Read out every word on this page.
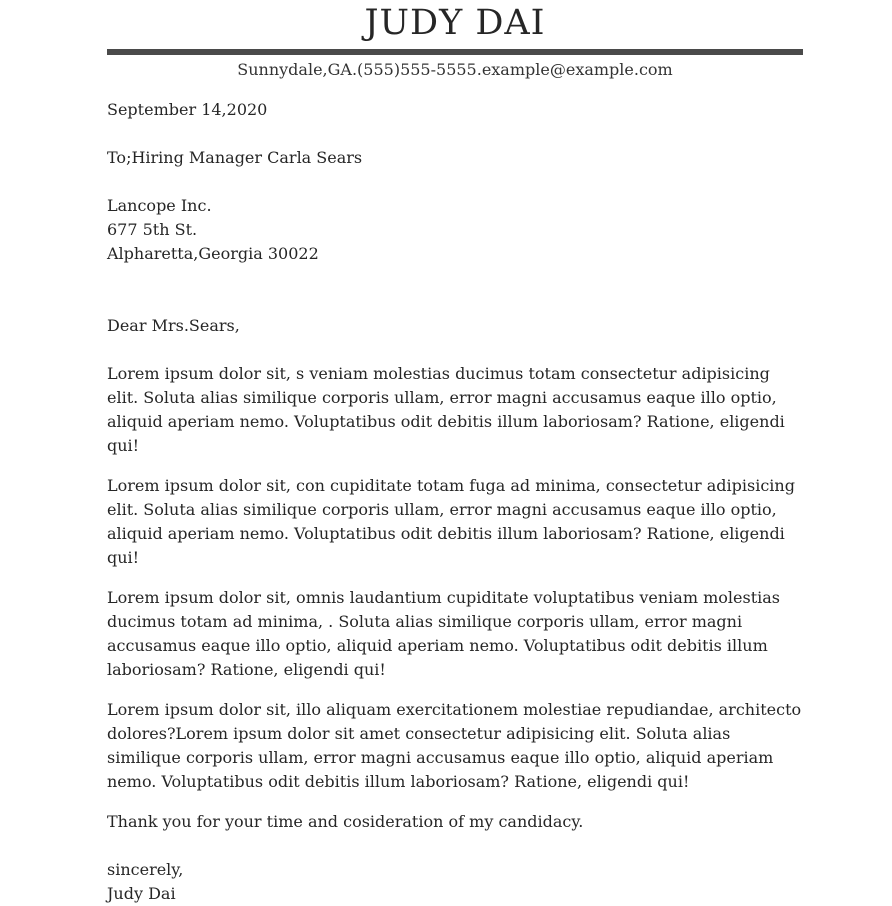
JUDY DAI
Sunnydale,GA.(555)555-5555.example@example.com
September 14,2020
To;Hiring Manager Carla Sears
Lancope Inc.
677 5th St.
Alpharetta,Georgia 30022
Dear Mrs.Sears,

Lorem ipsum dolor sit, s veniam molestias ducimus totam consectetur adipisicing elit. Soluta alias similique corporis ullam, error magni accusamus eaque illo optio, aliquid aperiam nemo. Voluptatibus odit debitis illum laboriosam? Ratione, eligendi qui!

Lorem ipsum dolor sit, con cupiditate totam fuga ad minima, consectetur adipisicing elit. Soluta alias similique corporis ullam, error magni accusamus eaque illo optio, aliquid aperiam nemo. Voluptatibus odit debitis illum laboriosam? Ratione, eligendi qui!

Lorem ipsum dolor sit, omnis laudantium cupiditate voluptatibus veniam molestias ducimus totam ad minima, . Soluta alias similique corporis ullam, error magni accusamus eaque illo optio, aliquid aperiam nemo. Voluptatibus odit debitis illum laboriosam? Ratione, eligendi qui!

Lorem ipsum dolor sit, illo aliquam exercitationem molestiae repudiandae, architecto dolores?Lorem ipsum dolor sit amet consectetur adipisicing elit. Soluta alias similique corporis ullam, error magni accusamus eaque illo optio, aliquid aperiam nemo. Voluptatibus odit debitis illum laboriosam? Ratione, eligendi qui!

Thank you for your time and cosideration of my candidacy.
sincerely,
Judy Dai
